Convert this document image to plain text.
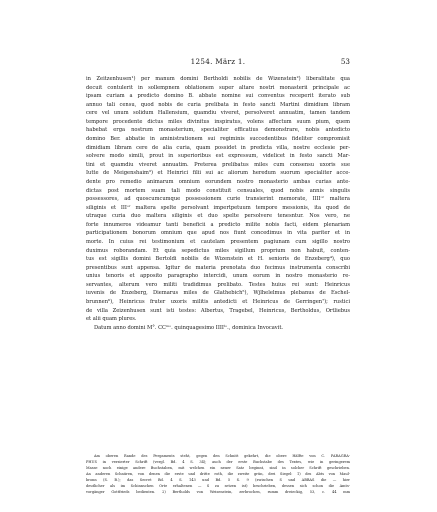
1254. März 1.	53
in Zeitzenhusen¹) per manum domini Bertholdi nobilis de Wizenstein²) liberalitate qua
decuit contulerit in sollempnem oblationem super altare nostri monasterii principale ac
ipsam curiam a predicto domino B. abbate nomine sui conventus receperit iterato sub
annuo tali censu, quod nobis de curia prelibata in festo sancti Martini dimidium libram
cere vel unum solidum Hallensium, quamdiu viveret, persolveret annuatim, tamen tandem
tempore procedente dictus miles divinitus inspiratus, volens affectum suum pium, quem
habebat erga nostrum monasterium, specialiter efficatius demonstrare, nobis antedicto
domino Ber. abbatie in aministrationem sui regiminis succedentibus fideliter compromisit
dimidiam libram cere de alia curia, quam possidet in predicta villa, nostre ecclesie per-
solvere modo simili, prout in superioribus est expressum, videlicet in festo sancti Mar-
tini et quamdiu viveret annuatim. Preterea prelibatus miles cum consensu uxoris sue
Iutte de Meigenshaim³) et Heinrici filii sui ac aliorum heredum suorum specialiter acce-
dente pro remedio animarum omnium eorundem nostro monasterio ambas curias ante-
dictas post mortem suam tali modo constituit censuales, quod nobis annis singulis
possessores, ad quoscumcumque possessionem curie transierint memorate, IIIIᵒʳ maltera
siliginis et IIIᵒʳ maltera spelte persolvant impertpetuum tempore messionis, ita quod de
utraque curia duo maltera siliginis et duo spelte persolvere tenesntur. Nos vero, ne
forte innumeros videamur tanti beneficii a predicto milite nobis facti, eidem plenariam
participationem bonorum omnium que apud nos fiunt concedimus in vita pariter et in
morte. In cuius rei testimonium et cautelam presentem pagiunam cum sigillo nostro
duximus roborandam. Et quia sepedictus miles sigillum proprium non habuit, conten-
tus est sigillis domini Bertoldi nobilis de Wizenstein et H. senioris de Enzeberg⁴), quo
presentibus sunt appensa. Igitur de materia prenotata duo fecimus instrumenta conscribi
unius tenoris et apposito paragrapho intercidi, unum eorum in nostro monasterio re-
servantes, alterum vero militi tradidimus prelibato. Testes huius rei sunt: Heinricus
iuvenis de Enzeberg, Diemarus miles de Glathebich⁵), Wjlhelelmus plebanus de Eschel-
brunnen⁶), Heinricus fruter uxoris militis antedicti et Heinricus de Gerringen⁷); rustici
de villa Zeizenhusen sunt isti testes: Albertus, Tragebel, Heinricus, Bertholdus, Ortliebus
et alii quam plures.
Datum anno domini M°. CCᵐᵒ. quinquagesimo IIIIᵗᵒ., dominica Invocavit.
Am oberen Rande des Pergaments steht, gegen den Schnitt gekehrt, die obere Hälfte von C. PARAGRA-
PHUS in verzierter Schrift (vergl. Bd. 4 S. 34); auch der erste Buchstabe des Textes, wie in geringerem
Masse noch einige andere Buchstaben, mit welchen ein neuer Satz beginnt, sind in solcher Schrift geschrieben.
An anderen Schnüren, von denen die erste und dritte roth, die zweite grün, drei Siegel: 1) des Abts von Maul-
bronn (S. B.); das Secret Bd. 4 S. 143 und Bd. 5 S. 9 (zwischen S und ABBAS die — hier
deutlicher als im Schinnschen Orte erhaltenen — S zu setzen ist) beschrieben, dessen sich schon die Amts-
vorgänger Gottfrieds bedienten. 2) Bertholds von Weisenstein, zerbrochen, rumm dreieckig, 53, c. 44 mm
